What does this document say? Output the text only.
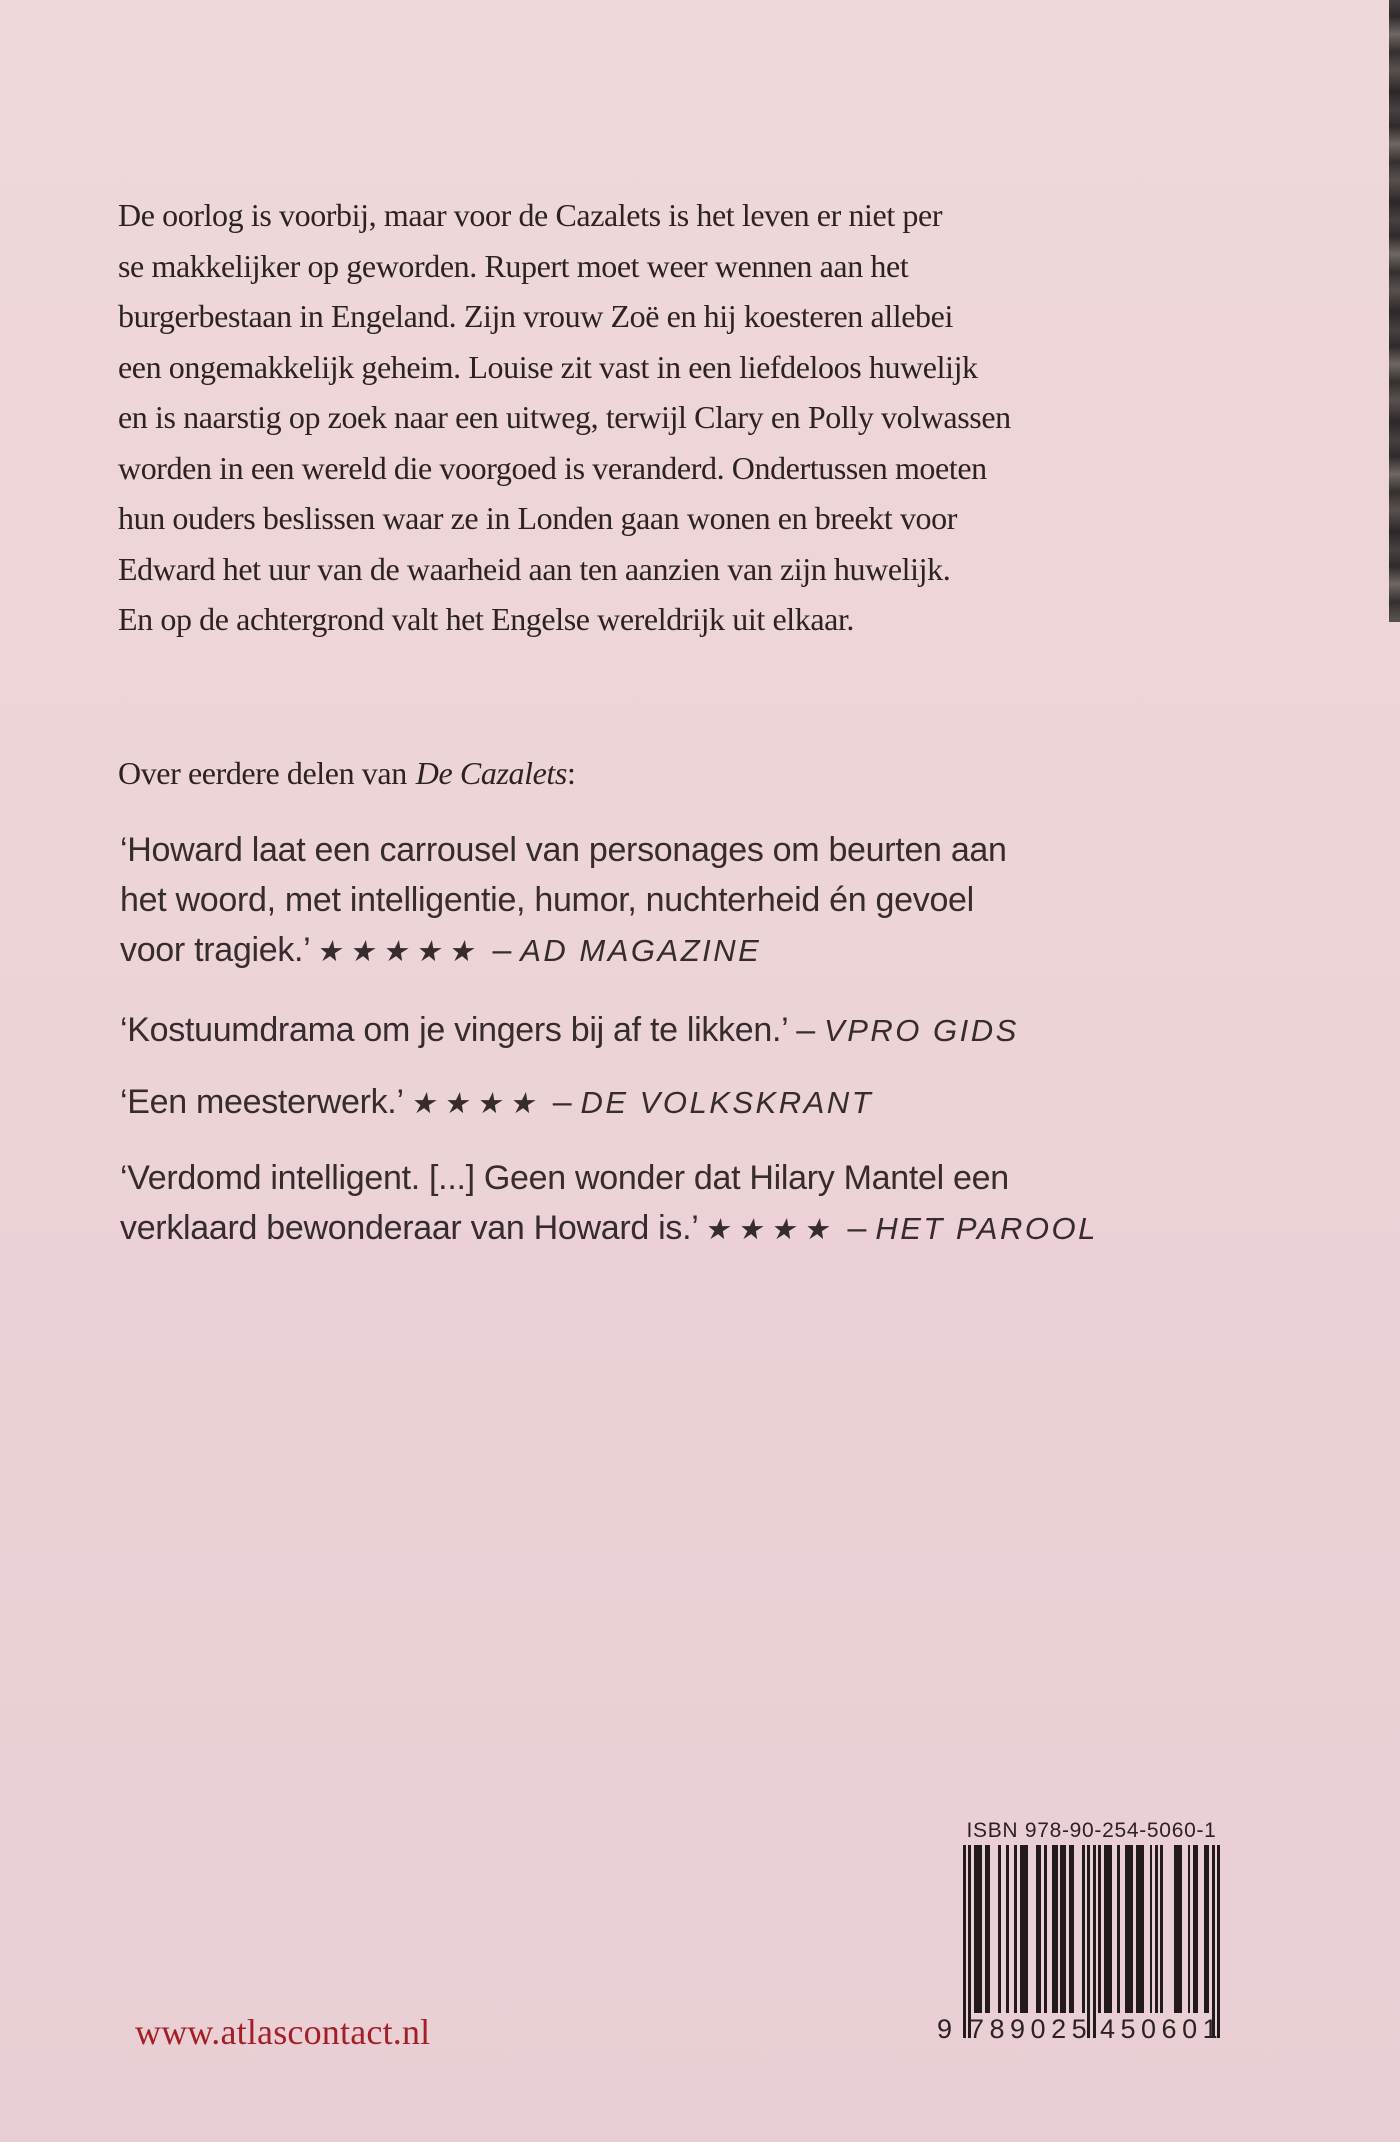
De oorlog is voorbij, maar voor de Cazalets is het leven er niet per
se makkelijker op geworden. Rupert moet weer wennen aan het
burgerbestaan in Engeland. Zijn vrouw Zoë en hij koesteren allebei
een ongemakkelijk geheim. Louise zit vast in een liefdeloos huwelijk
en is naarstig op zoek naar een uitweg, terwijl Clary en Polly volwassen
worden in een wereld die voorgoed is veranderd. Ondertussen moeten
hun ouders beslissen waar ze in Londen gaan wonen en breekt voor
Edward het uur van de waarheid aan ten aanzien van zijn huwelijk.
En op de achtergrond valt het Engelse wereldrijk uit elkaar.
Over eerdere delen van De Cazalets:
‘Howard laat een carrousel van personages om beurten aan
het woord, met intelligentie, humor, nuchterheid én gevoel
voor tragiek.’ ★★★★★ – AD MAGAZINE
‘Kostuumdrama om je vingers bij af te likken.’ – VPRO GIDS
‘Een meesterwerk.’ ★★★★ – DE VOLKSKRANT
‘Verdomd intelligent. [...] Geen wonder dat Hilary Mantel een
verklaard bewonderaar van Howard is.’ ★★★★ – HET PAROOL
ISBN 978-90-254-5060-1
9 789025 450601
www.atlascontact.nl
